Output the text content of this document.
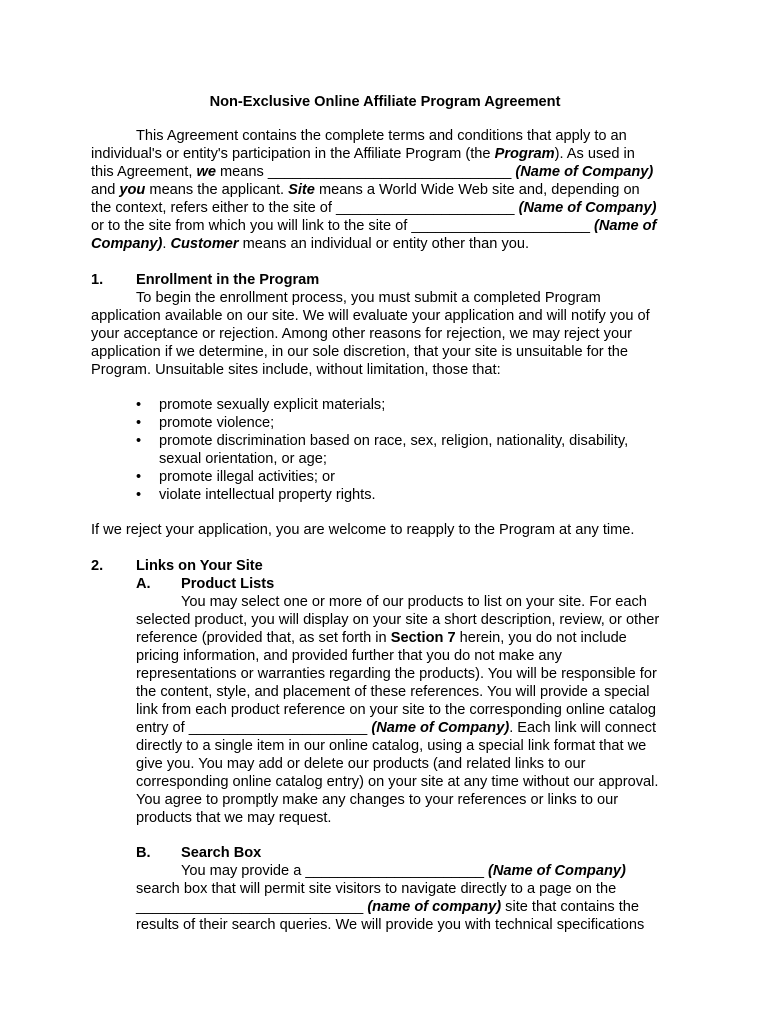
Non-Exclusive Online Affiliate Program Agreement
This Agreement contains the complete terms and conditions that apply to an
individual's or entity's participation in the Affiliate Program (the Program). As used in
this Agreement, we means ______________________________ (Name of Company)
and you means the applicant. Site means a World Wide Web site and, depending on
the context, refers either to the site of ______________________ (Name of Company)
or to the site from which you will link to the site of ______________________ (Name of
Company). Customer means an individual or entity other than you.
1. Enrollment in the Program
To begin the enrollment process, you must submit a completed Program
application available on our site. We will evaluate your application and will notify you of
your acceptance or rejection. Among other reasons for rejection, we may reject your
application if we determine, in our sole discretion, that your site is unsuitable for the
Program. Unsuitable sites include, without limitation, those that:
• promote sexually explicit materials;
• promote violence;
• promote discrimination based on race, sex, religion, nationality, disability,
sexual orientation, or age;
• promote illegal activities; or
• violate intellectual property rights.
If we reject your application, you are welcome to reapply to the Program at any time.
2. Links on Your Site
A. Product Lists
You may select one or more of our products to list on your site. For each
selected product, you will display on your site a short description, review, or other
reference (provided that, as set forth in Section 7 herein, you do not include
pricing information, and provided further that you do not make any
representations or warranties regarding the products). You will be responsible for
the content, style, and placement of these references. You will provide a special
link from each product reference on your site to the corresponding online catalog
entry of ______________________ (Name of Company). Each link will connect
directly to a single item in our online catalog, using a special link format that we
give you. You may add or delete our products (and related links to our
corresponding online catalog entry) on your site at any time without our approval.
You agree to promptly make any changes to your references or links to our
products that we may request.
B. Search Box
You may provide a ______________________ (Name of Company)
search box that will permit site visitors to navigate directly to a page on the
____________________________ (name of company) site that contains the
results of their search queries. We will provide you with technical specifications
